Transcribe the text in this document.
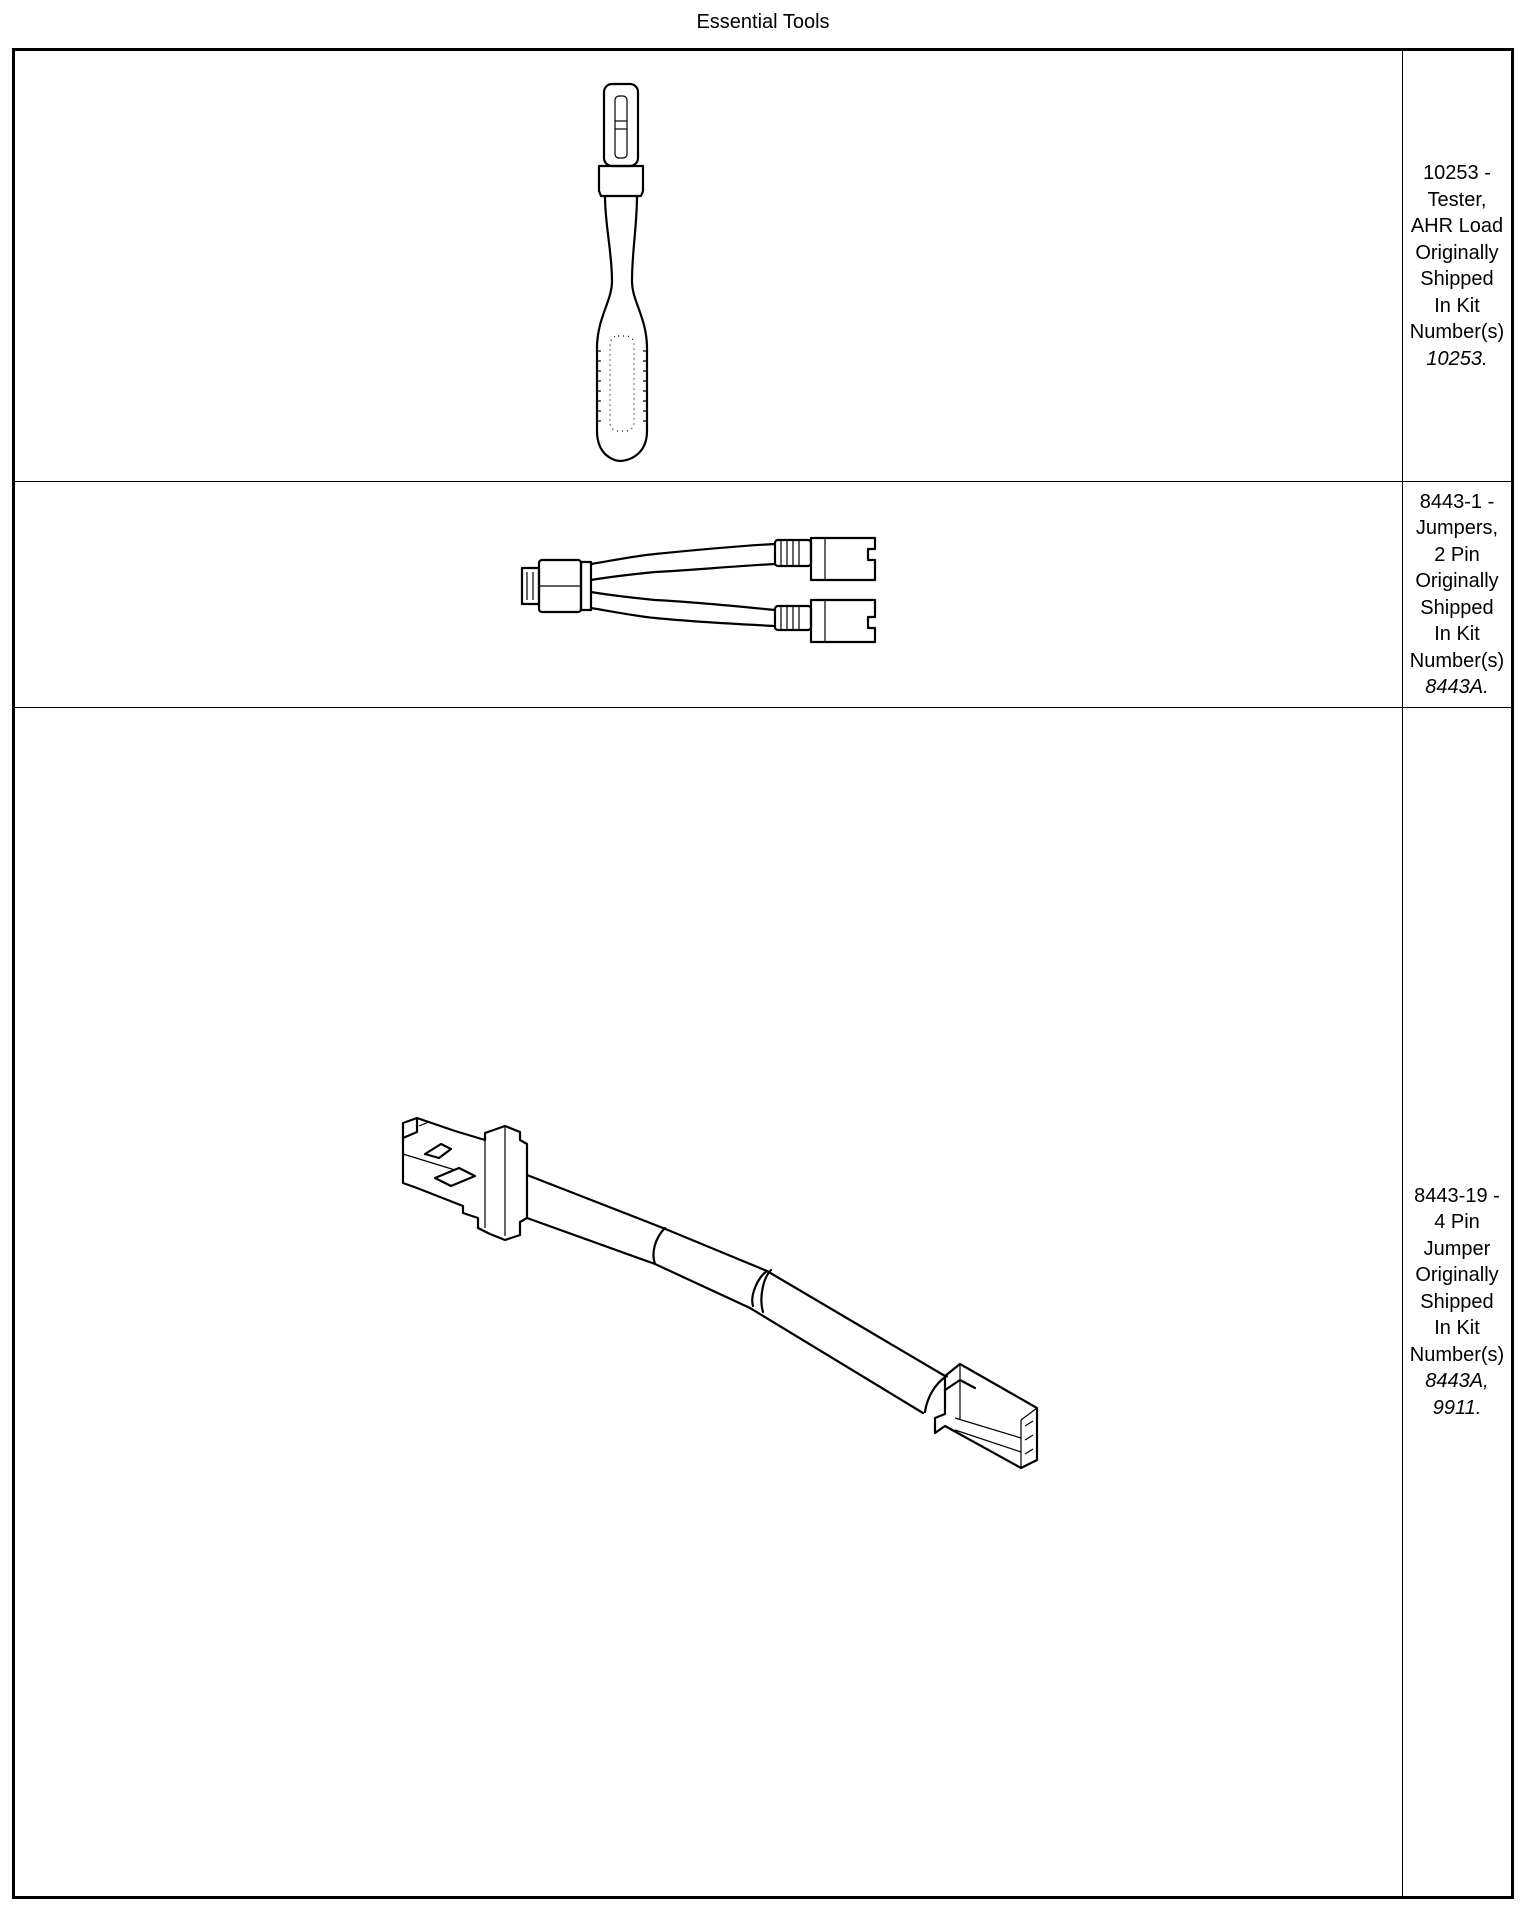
Essential Tools
10253 -
Tester,
AHR Load
Originally
Shipped
In Kit
Number(s)
10253.
8443-1 -
Jumpers,
2 Pin
Originally
Shipped
In Kit
Number(s)
8443A.
8443-19 -
4 Pin
Jumper
Originally
Shipped
In Kit
Number(s)
8443A,
9911.
